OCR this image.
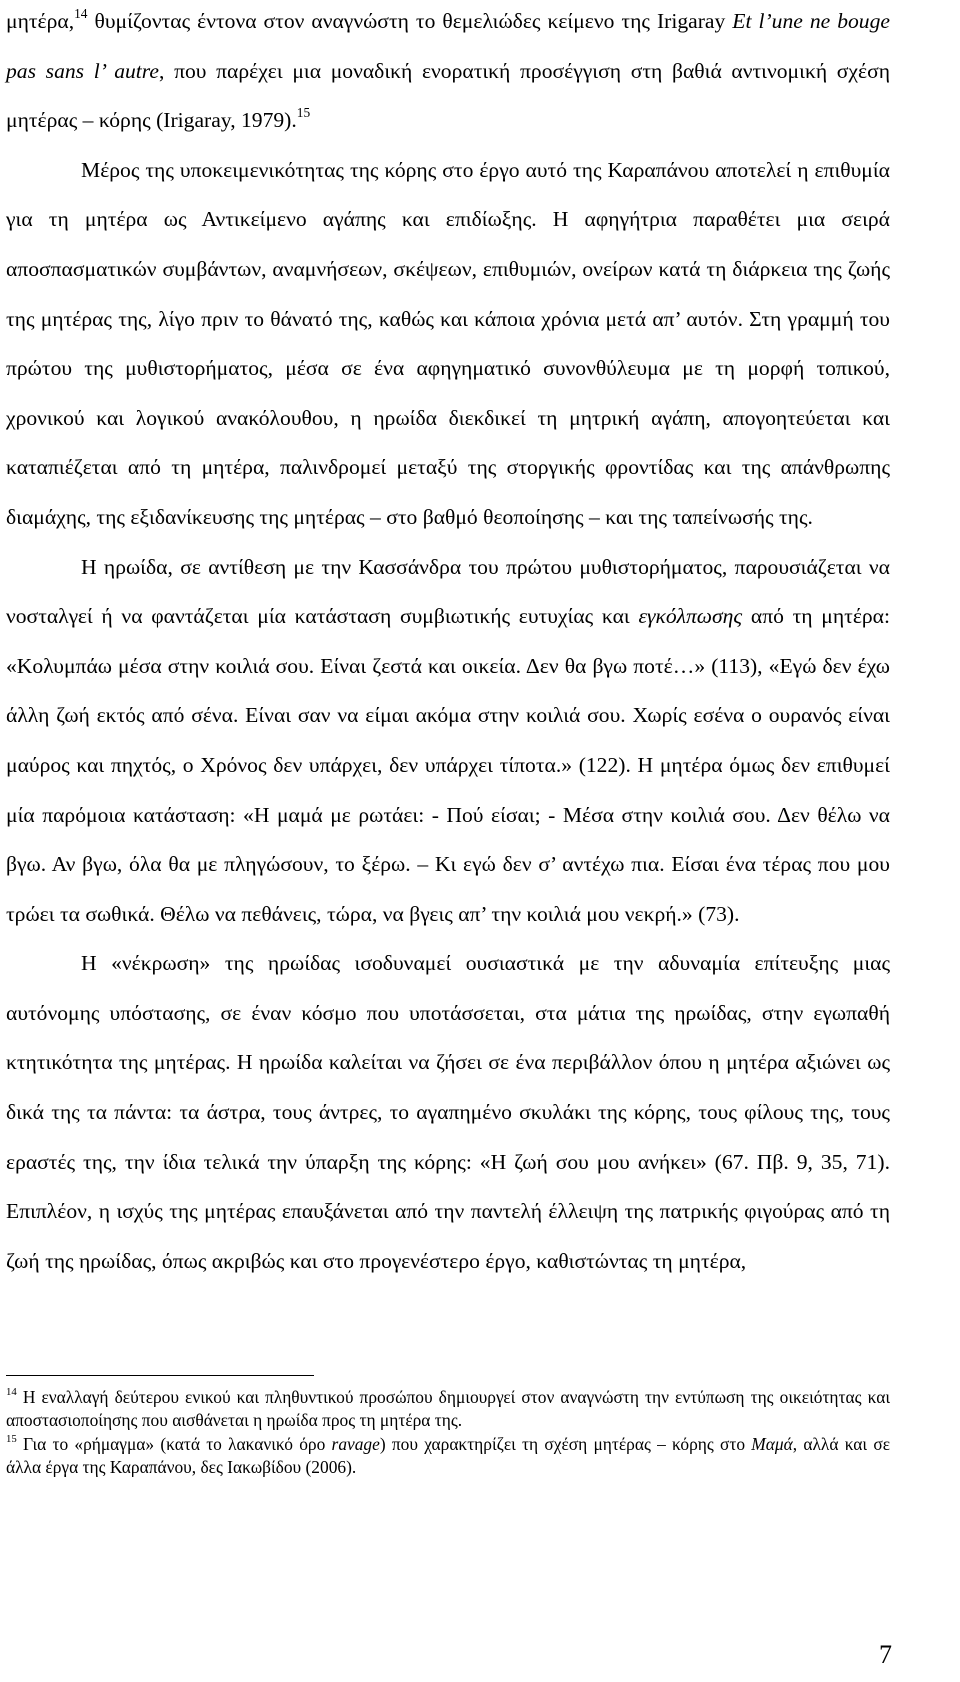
μητέρα,$^{14}$ θυμίζοντας έντονα στον αναγνώστη το θεμελιώδες κείμενο της Irigaray Et l’une ne bouge pas sans l’ autre, που παρέχει μια μοναδική ενορατική προσέγγιση στη βαθιά αντινομική σχέση μητέρας – κόρης (Irigaray, 1979).$^{15}$

Μέρος της υποκειμενικότητας της κόρης στο έργο αυτό της Καραπάνου αποτελεί η επιθυμία για τη μητέρα ως Αντικείμενο αγάπης και επιδίωξης. Η αφηγήτρια παραθέτει μια σειρά αποσπασματικών συμβάντων, αναμνήσεων, σκέψεων, επιθυμιών, ονείρων κατά τη διάρκεια της ζωής της μητέρας της, λίγο πριν το θάνατό της, καθώς και κάποια χρόνια μετά απ’ αυτόν. Στη γραμμή του πρώτου της μυθιστορήματος, μέσα σε ένα αφηγηματικό συνονθύλευμα με τη μορφή τοπικού, χρονικού και λογικού ανακόλουθου, η ηρωίδα διεκδικεί τη μητρική αγάπη, απογοητεύεται και καταπιέζεται από τη μητέρα, παλινδρομεί μεταξύ της στοργικής φροντίδας και της απάνθρωπης διαμάχης, της εξιδανίκευσης της μητέρας – στο βαθμό θεοποίησης – και της ταπείνωσής της.

Η ηρωίδα, σε αντίθεση με την Κασσάνδρα του πρώτου μυθιστορήματος, παρουσιάζεται να νοσταλγεί ή να φαντάζεται μία κατάσταση συμβιωτικής ευτυχίας και εγκόλπωσης από τη μητέρα: «Κολυμπάω μέσα στην κοιλιά σου. Είναι ζεστά και οικεία. Δεν θα βγω ποτέ…» (113), «Εγώ δεν έχω άλλη ζωή εκτός από σένα. Είναι σαν να είμαι ακόμα στην κοιλιά σου. Χωρίς εσένα ο ουρανός είναι μαύρος και πηχτός, ο Χρόνος δεν υπάρχει, δεν υπάρχει τίποτα.» (122). Η μητέρα όμως δεν επιθυμεί μία παρόμοια κατάσταση: «Η μαμά με ρωτάει: - Πού είσαι; - Μέσα στην κοιλιά σου. Δεν θέλω να βγω. Αν βγω, όλα θα με πληγώσουν, το ξέρω. – Κι εγώ δεν σ’ αντέχω πια. Είσαι ένα τέρας που μου τρώει τα σωθικά. Θέλω να πεθάνεις, τώρα, να βγεις απ’ την κοιλιά μου νεκρή.» (73).

Η «νέκρωση» της ηρωίδας ισοδυναμεί ουσιαστικά με την αδυναμία επίτευξης μιας αυτόνομης υπόστασης, σε έναν κόσμο που υποτάσσεται, στα μάτια της ηρωίδας, στην εγωπαθή κτητικότητα της μητέρας. Η ηρωίδα καλείται να ζήσει σε ένα περιβάλλον όπου η μητέρα αξιώνει ως δικά της τα πάντα: τα άστρα, τους άντρες, το αγαπημένο σκυλάκι της κόρης, τους φίλους της, τους εραστές της, την ίδια τελικά την ύπαρξη της κόρης: «Η ζωή σου μου ανήκει» (67. Πβ. 9, 35, 71). Επιπλέον, η ισχύς της μητέρας επαυξάνεται από την παντελή έλλειψη της πατρικής φιγούρας από τη ζωή της ηρωίδας, όπως ακριβώς και στο προγενέστερο έργο, καθιστώντας τη μητέρα,

$^{14}$ Η εναλλαγή δεύτερου ενικού και πληθυντικού προσώπου δημιουργεί στον αναγνώστη την εντύπωση της οικειότητας και αποστασιοποίησης που αισθάνεται η ηρωίδα προς τη μητέρα της.

$^{15}$ Για το «ρήμαγμα» (κατά το λακανικό όρο ravage) που χαρακτηρίζει τη σχέση μητέρας – κόρης στο Μαμά, αλλά και σε άλλα έργα της Καραπάνου, δες Ιακωβίδου (2006).

7
